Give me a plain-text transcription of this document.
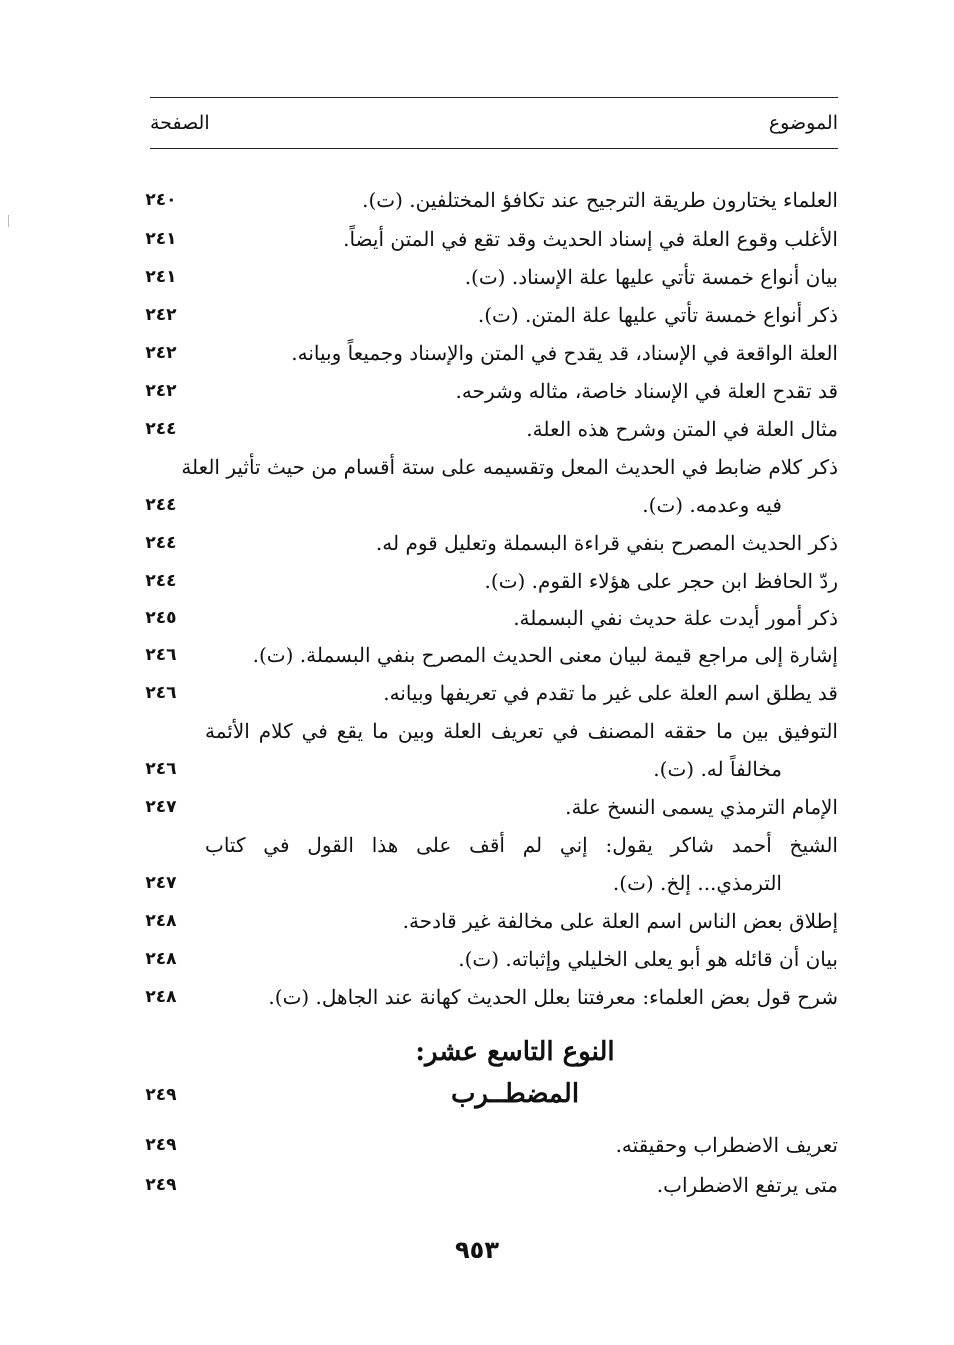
الموضوع
الصفحة
العلماء يختارون طريقة الترجيح عند تكافؤ المختلفين. (ت).
٢٤٠
الأغلب وقوع العلة في إسناد الحديث وقد تقع في المتن أيضاً.
٢٤١
بيان أنواع خمسة تأتي عليها علة الإسناد. (ت).
٢٤١
ذكر أنواع خمسة تأتي عليها علة المتن. (ت).
٢٤٢
العلة الواقعة في الإسناد، قد يقدح في المتن والإسناد وجميعاً وبيانه.
٢٤٢
قد تقدح العلة في الإسناد خاصة، مثاله وشرحه.
٢٤٢
مثال العلة في المتن وشرح هذه العلة.
٢٤٤
ذكر كلام ضابط في الحديث المعل وتقسيمه على ستة أقسام من حيث تأثير العلة
فيه وعدمه. (ت).
٢٤٤
ذكر الحديث المصرح بنفي قراءة البسملة وتعليل قوم له.
٢٤٤
ردّ الحافظ ابن حجر على هؤلاء القوم. (ت).
٢٤٤
ذكر أمور أيدت علة حديث نفي البسملة.
٢٤٥
إشارة إلى مراجع قيمة لبيان معنى الحديث المصرح بنفي البسملة. (ت).
٢٤٦
قد يطلق اسم العلة على غير ما تقدم في تعريفها وبيانه.
٢٤٦
التوفيق بين ما حققه المصنف في تعريف العلة وبين ما يقع في كلام الأئمة
مخالفاً له. (ت).
٢٤٦
الإمام الترمذي يسمى النسخ علة.
٢٤٧
الشيخ أحمد شاكر يقول: إني لم أقف على هذا القول في كتاب
الترمذي... إلخ. (ت).
٢٤٧
إطلاق بعض الناس اسم العلة على مخالفة غير قادحة.
٢٤٨
بيان أن قائله هو أبو يعلى الخليلي وإثباته. (ت).
٢٤٨
شرح قول بعض العلماء: معرفتنا بعلل الحديث كهانة عند الجاهل. (ت).
٢٤٨
النوع التاسع عشر:
المضطــرب
٢٤٩
تعريف الاضطراب وحقيقته.
٢٤٩
متى يرتفع الاضطراب.
٢٤٩
٩٥٣
